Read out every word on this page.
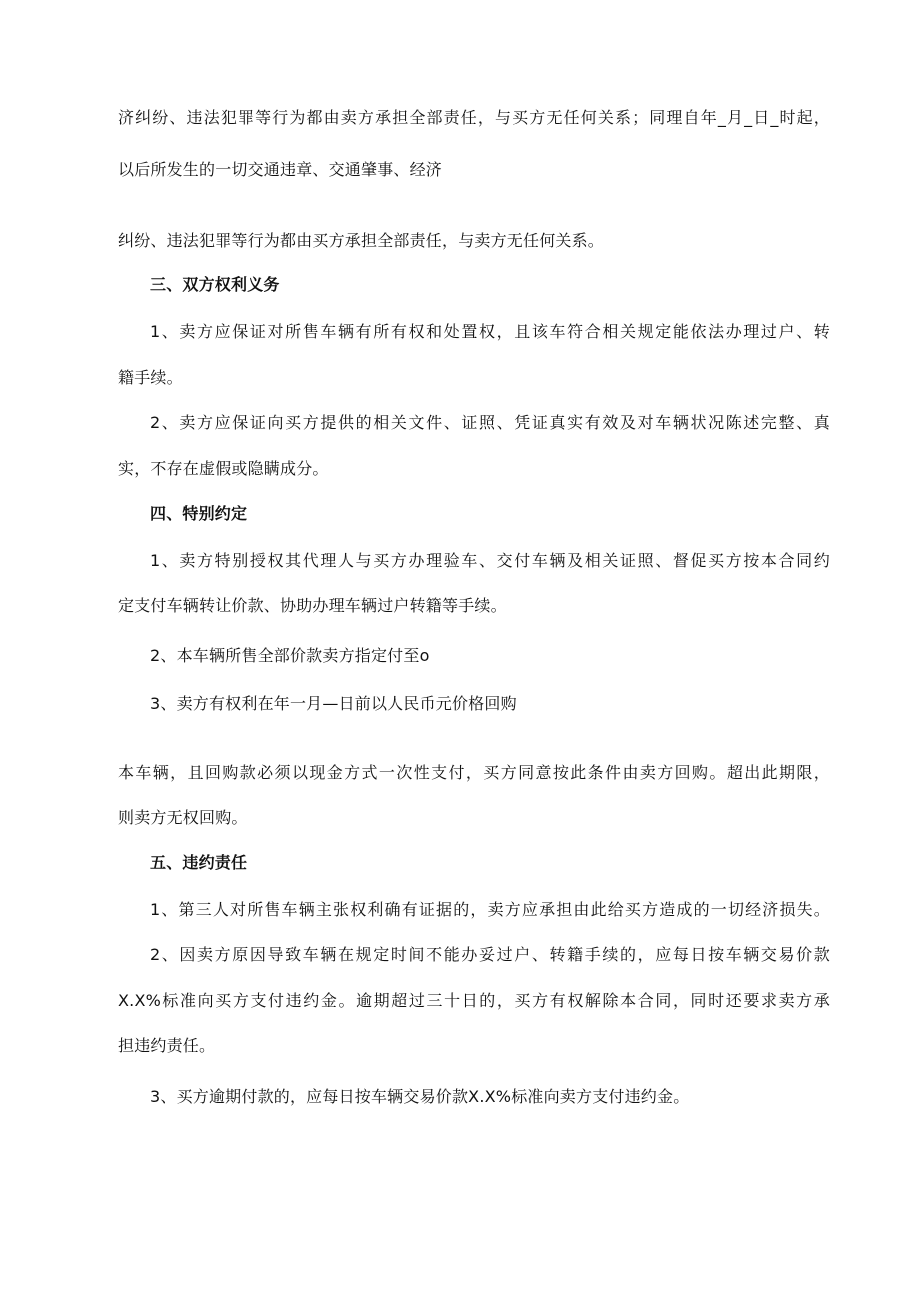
济纠纷、违法犯罪等行为都由卖方承担全部责任，与买方无任何关系；同理自年_月_日_时起，
以后所发生的一切交通违章、交通肇事、经济
纠纷、违法犯罪等行为都由买方承担全部责任，与卖方无任何关系。
三、双方权利义务
1、卖方应保证对所售车辆有所有权和处置权，且该车符合相关规定能依法办理过户、转
籍手续。
2、卖方应保证向买方提供的相关文件、证照、凭证真实有效及对车辆状况陈述完整、真
实，不存在虚假或隐瞒成分。
四、特别约定
1、卖方特别授权其代理人与买方办理验车、交付车辆及相关证照、督促买方按本合同约
定支付车辆转让价款、协助办理车辆过户转籍等手续。
2、本车辆所售全部价款卖方指定付至o
3、卖方有权利在年一月—日前以人民币元价格回购
本车辆，且回购款必须以现金方式一次性支付，买方同意按此条件由卖方回购。超出此期限，
则卖方无权回购。
五、违约责任
1、第三人对所售车辆主张权利确有证据的，卖方应承担由此给买方造成的一切经济损失。
2、因卖方原因导致车辆在规定时间不能办妥过户、转籍手续的，应每日按车辆交易价款
X.X%标准向买方支付违约金。逾期超过三十日的，买方有权解除本合同，同时还要求卖方承
担违约责任。
3、买方逾期付款的，应每日按车辆交易价款X.X%标准向卖方支付违约金。
